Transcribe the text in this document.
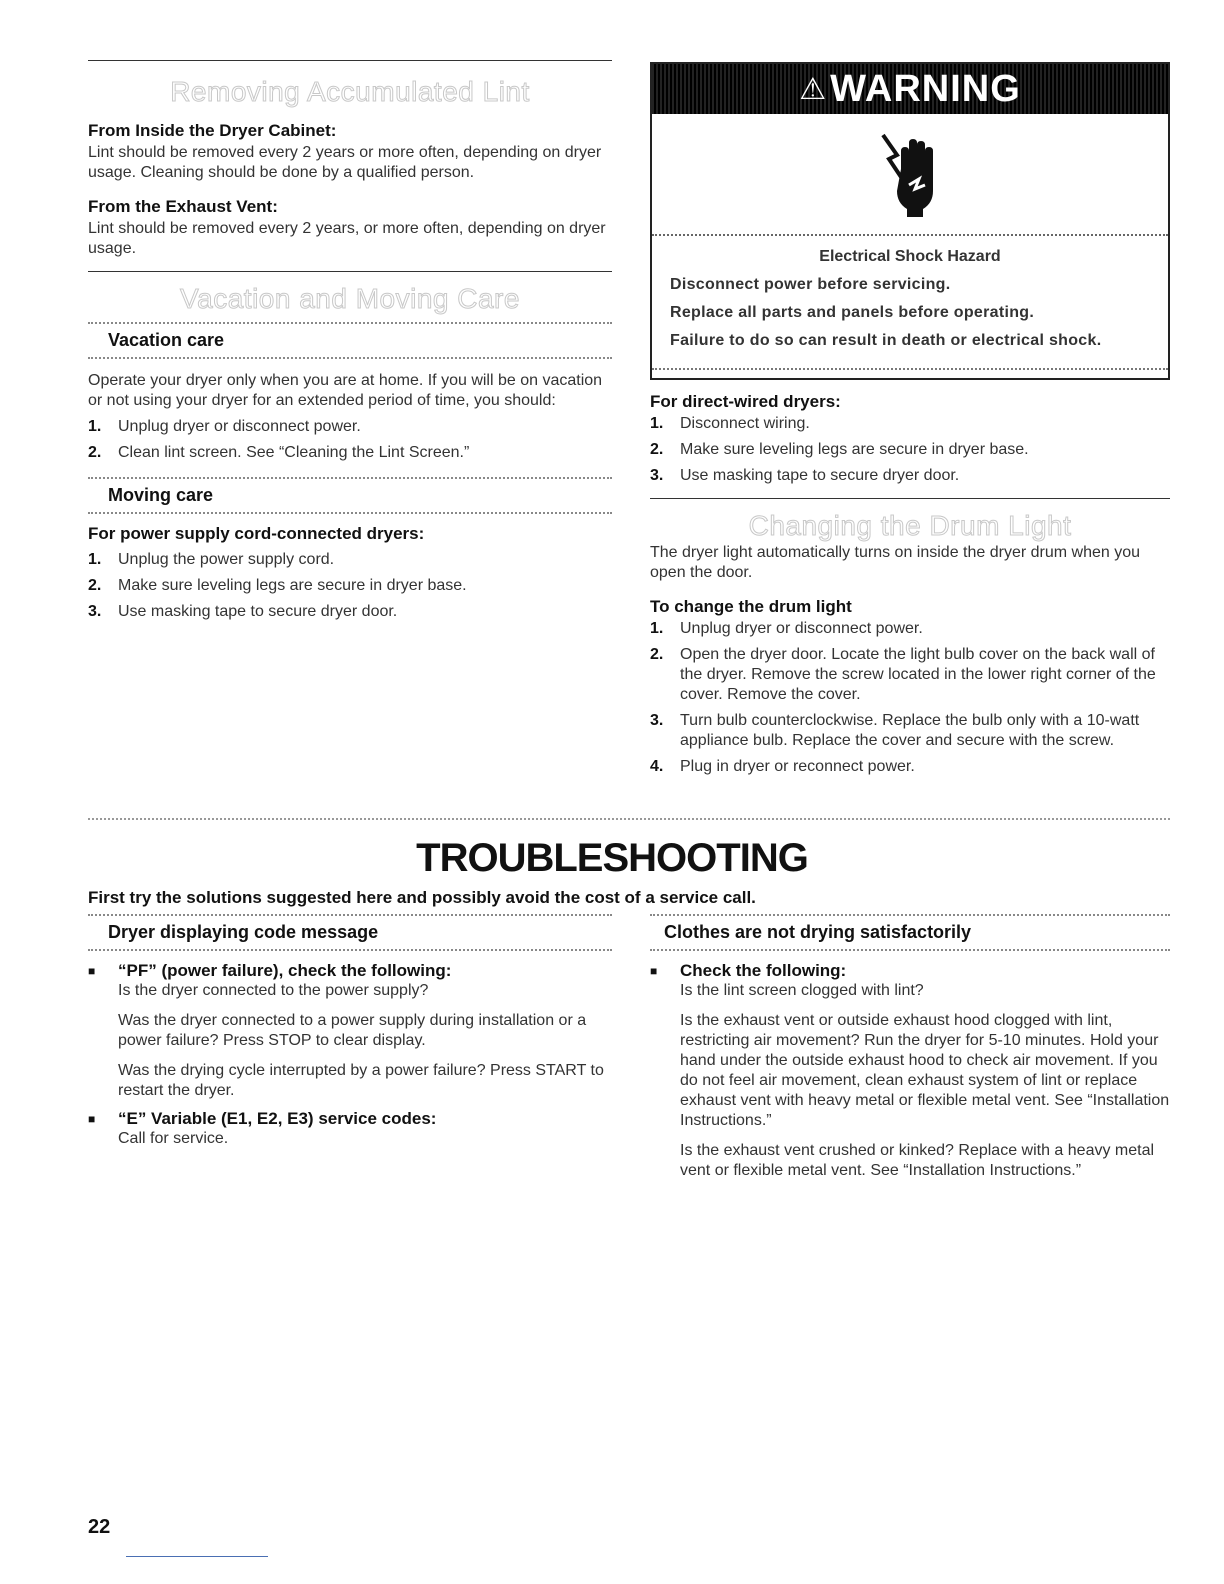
Removing Accumulated Lint
From Inside the Dryer Cabinet:

Lint should be removed every 2 years or more often, depending on dryer usage. Cleaning should be done by a qualified person.

From the Exhaust Vent:

Lint should be removed every 2 years, or more often, depending on dryer usage.

Vacation and Moving Care
Vacation care

Operate your dryer only when you are at home. If you will be on vacation or not using your dryer for an extended period of time, you should:

1.	Unplug dryer or disconnect power.
2.	Clean lint screen. See “Cleaning the Lint Screen.”
Moving care
For power supply cord-connected dryers:
1.	Unplug the power supply cord.
2.	Make sure leveling legs are secure in dryer base.
3.	Use masking tape to secure dryer door.
⚠ WARNING
Electrical Shock Hazard

Disconnect power before servicing.

Replace all parts and panels before operating.

Failure to do so can result in death or electrical shock.

For direct-wired dryers:
1.	Disconnect wiring.
2.	Make sure leveling legs are secure in dryer base.
3.	Use masking tape to secure dryer door.
Changing the Drum Light

The dryer light automatically turns on inside the dryer drum when you open the door.

To change the drum light
1.	Unplug dryer or disconnect power.
2.	Open the dryer door. Locate the light bulb cover on the back wall of the dryer. Remove the screw located in the lower right corner of the cover. Remove the cover.
3.	Turn bulb counterclockwise. Replace the bulb only with a 10-watt appliance bulb. Replace the cover and secure with the screw.
4.	Plug in dryer or reconnect power.
TROUBLESHOOTING
First try the solutions suggested here and possibly avoid the cost of a service call.
Dryer displaying code message
■	“PF” (power failure), check the following:

Is the dryer connected to the power supply?

Was the dryer connected to a power supply during installation or a power failure? Press STOP to clear display.

Was the drying cycle interrupted by a power failure? Press START to restart the dryer.

■	“E” Variable (E1, E2, E3) service codes:

Call for service.

Clothes are not drying satisfactorily
■	Check the following:

Is the lint screen clogged with lint?

Is the exhaust vent or outside exhaust hood clogged with lint, restricting air movement? Run the dryer for 5-10 minutes. Hold your hand under the outside exhaust hood to check air movement. If you do not feel air movement, clean exhaust system of lint or replace exhaust vent with heavy metal or flexible metal vent. See “Installation Instructions.”

Is the exhaust vent crushed or kinked? Replace with a heavy metal vent or flexible metal vent. See “Installation Instructions.”

22
